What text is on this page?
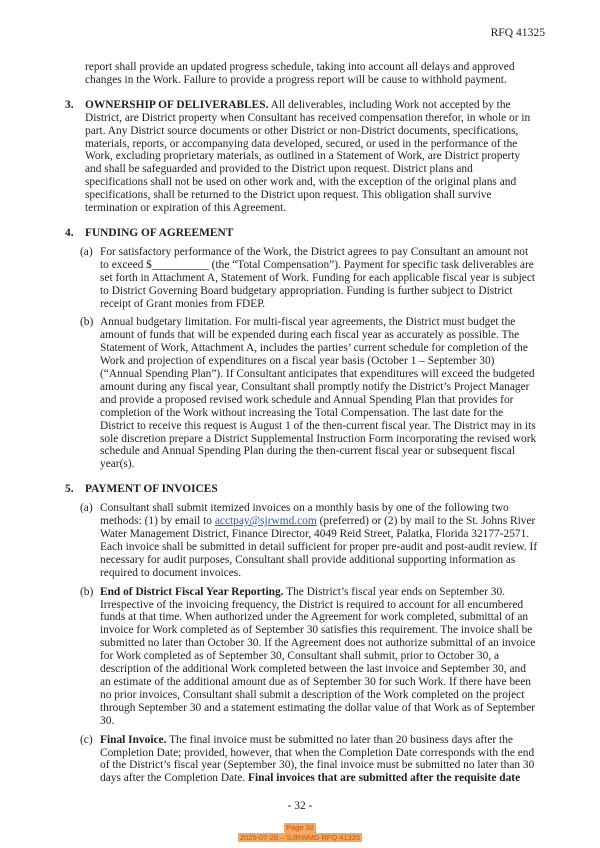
RFQ 41325

report shall provide an updated progress schedule, taking into account all delays and approved changes in the Work. Failure to provide a progress report will be cause to withhold payment.

3. OWNERSHIP OF DELIVERABLES. All deliverables, including Work not accepted by the District, are District property when Consultant has received compensation therefor, in whole or in part. Any District source documents or other District or non-District documents, specifications, materials, reports, or accompanying data developed, secured, or used in the performance of the Work, excluding proprietary materials, as outlined in a Statement of Work, are District property and shall be safeguarded and provided to the District upon request. District plans and specifications shall not be used on other work and, with the exception of the original plans and specifications, shall be returned to the District upon request. This obligation shall survive termination or expiration of this Agreement.

4. FUNDING OF AGREEMENT

(a) For satisfactory performance of the Work, the District agrees to pay Consultant an amount not to exceed $__________ (the “Total Compensation”). Payment for specific task deliverables are set forth in Attachment A, Statement of Work. Funding for each applicable fiscal year is subject to District Governing Board budgetary appropriation. Funding is further subject to District receipt of Grant monies from FDEP.

(b) Annual budgetary limitation. For multi-fiscal year agreements, the District must budget the amount of funds that will be expended during each fiscal year as accurately as possible. The Statement of Work, Attachment A, includes the parties’ current schedule for completion of the Work and projection of expenditures on a fiscal year basis (October 1 – September 30) (“Annual Spending Plan”). If Consultant anticipates that expenditures will exceed the budgeted amount during any fiscal year, Consultant shall promptly notify the District’s Project Manager and provide a proposed revised work schedule and Annual Spending Plan that provides for completion of the Work without increasing the Total Compensation. The last date for the District to receive this request is August 1 of the then-current fiscal year. The District may in its sole discretion prepare a District Supplemental Instruction Form incorporating the revised work schedule and Annual Spending Plan during the then-current fiscal year or subsequent fiscal year(s).

5. PAYMENT OF INVOICES

(a) Consultant shall submit itemized invoices on a monthly basis by one of the following two methods: (1) by email to acctpay@sjrwmd.com (preferred) or (2) by mail to the St. Johns River Water Management District, Finance Director, 4049 Reid Street, Palatka, Florida 32177-2571. Each invoice shall be submitted in detail sufficient for proper pre-audit and post-audit review. If necessary for audit purposes, Consultant shall provide additional supporting information as required to document invoices.

(b) End of District Fiscal Year Reporting. The District’s fiscal year ends on September 30. Irrespective of the invoicing frequency, the District is required to account for all encumbered funds at that time. When authorized under the Agreement for work completed, submittal of an invoice for Work completed as of September 30 satisfies this requirement. The invoice shall be submitted no later than October 30. If the Agreement does not authorize submittal of an invoice for Work completed as of September 30, Consultant shall submit, prior to October 30, a description of the additional Work completed between the last invoice and September 30, and an estimate of the additional amount due as of September 30 for such Work. If there have been no prior invoices, Consultant shall submit a description of the Work completed on the project through September 30 and a statement estimating the dollar value of that Work as of September 30.

(c) Final Invoice. The final invoice must be submitted no later than 20 business days after the Completion Date; provided, however, that when the Completion Date corresponds with the end of the District’s fiscal year (September 30), the final invoice must be submitted no later than 30 days after the Completion Date. Final invoices that are submitted after the requisite date

- 32 -
Page 32
2025-07-28 – SJRWMD RFQ 41325
